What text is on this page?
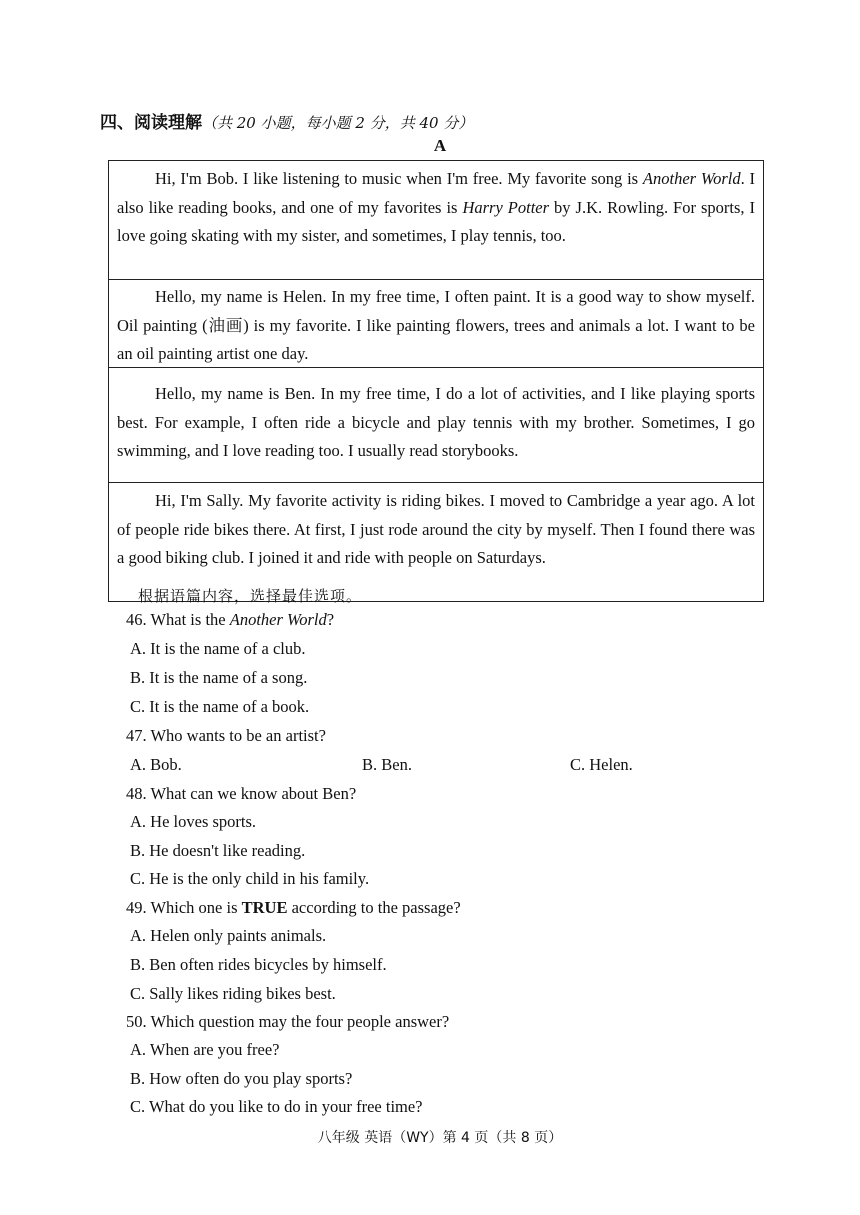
四、阅读理解（共 20 小题，每小题 2 分，共 40 分）
A

Hi, I'm Bob. I like listening to music when I'm free. My favorite song is Another World. I also like reading books, and one of my favorites is Harry Potter by J.K. Rowling. For sports, I love going skating with my sister, and sometimes, I play tennis, too.

Hello, my name is Helen. In my free time, I often paint. It is a good way to show myself. Oil painting (油画) is my favorite. I like painting flowers, trees and animals a lot. I want to be an oil painting artist one day.

Hello, my name is Ben. In my free time, I do a lot of activities, and I like playing sports best. For example, I often ride a bicycle and play tennis with my brother. Sometimes, I go swimming, and I love reading too. I usually read storybooks.

Hi, I'm Sally. My favorite activity is riding bikes. I moved to Cambridge a year ago. A lot of people ride bikes there. At first, I just rode around the city by myself. Then I found there was a good biking club. I joined it and ride with people on Saturdays.

根据语篇内容，选择最佳选项。
46. What is the Another World?
A. It is the name of a club.
B. It is the name of a song.
C. It is the name of a book.
47. Who wants to be an artist?
A. Bob.	B. Ben.	C. Helen.
48. What can we know about Ben?
A. He loves sports.
B. He doesn't like reading.
C. He is the only child in his family.
49. Which one is TRUE according to the passage?
A. Helen only paints animals.
B. Ben often rides bicycles by himself.
C. Sally likes riding bikes best.
50. Which question may the four people answer?
A. When are you free?
B. How often do you play sports?
C. What do you like to do in your free time?
八年级 英语（WY）第 4 页（共 8 页）
